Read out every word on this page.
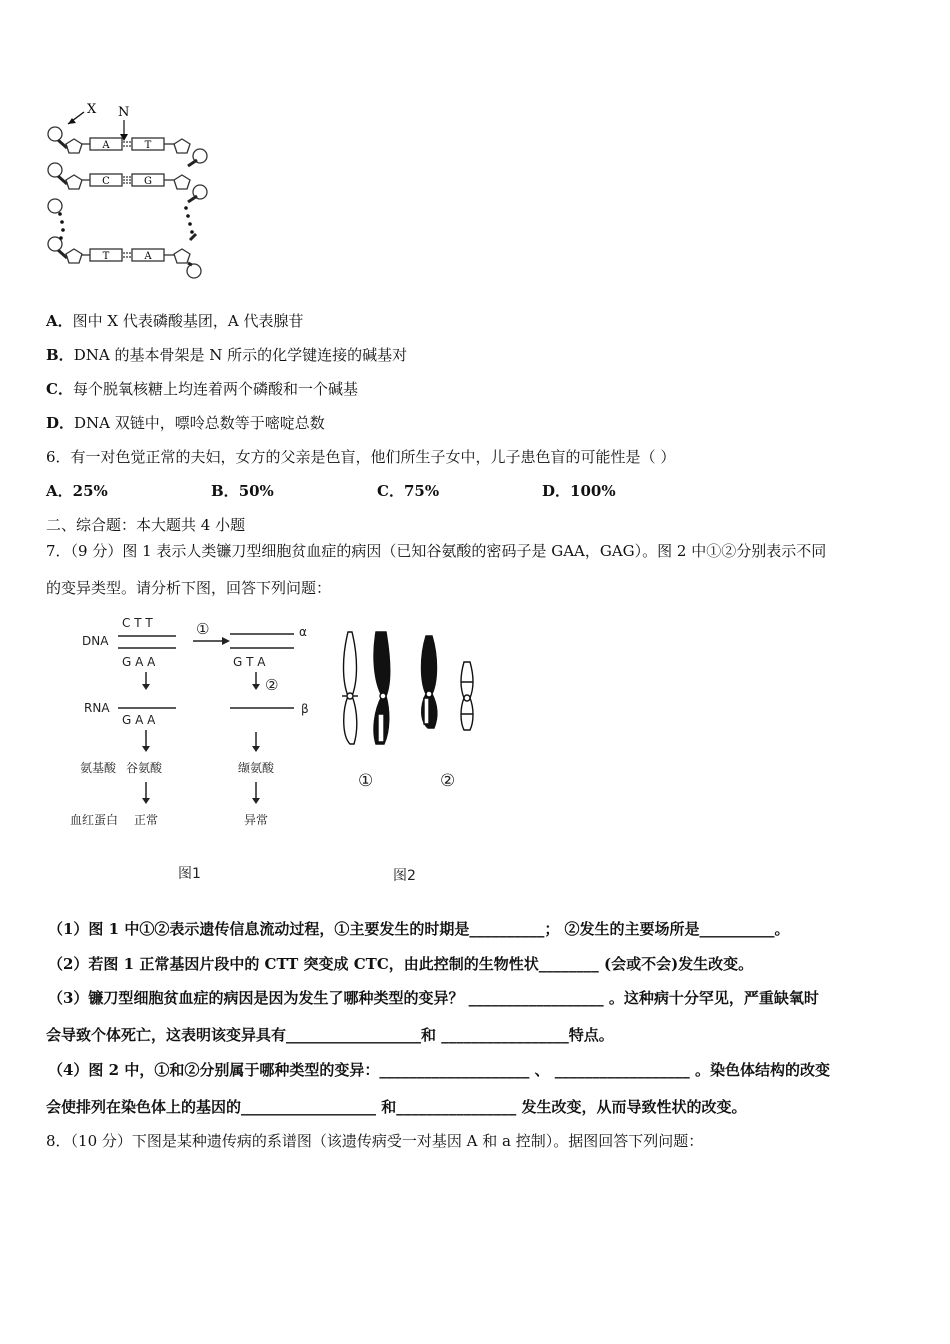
X N
A	T
C	G
T	A
A．图中 X 代表磷酸基团，A 代表腺苷
B．DNA 的基本骨架是 N 所示的化学键连接的碱基对
C．每个脱氧核糖上均连着两个磷酸和一个碱基
D．DNA 双链中，嘌呤总数等于嘧啶总数
6．有一对色觉正常的夫妇，女方的父亲是色盲，他们所生子女中，儿子患色盲的可能性是（ ）
A．25%	B．50%	C．75%	D．100%
二、综合题：本大题共 4 小题
7．（9 分）图 1 表示人类镰刀型细胞贫血症的病因（已知谷氨酸的密码子是 GAA，GAG）。图 2 中①②分别表示不同
的变异类型。请分析下图，回答下列问题：
DNA
C T T
G A A
①	α
G T A
②
RNA
G A A
β
氨基酸 谷氨酸	缬氨酸
血红蛋白 正常	异常
图1
①	②
图2
（1）图 1 中①②表示遗传信息流动过程，①主要发生的时期是__________； ②发生的主要场所是__________。
（2）若图 1 正常基因片段中的 CTT 突变成 CTC，由此控制的生物性状________ (会或不会)发生改变。
（3）镰刀型细胞贫血症的病因是因为发生了哪种类型的变异？ __________________ 。这种病十分罕见，严重缺氧时
会导致个体死亡，这表明该变异具有__________________和 _________________特点。
（4）图 2 中，①和②分别属于哪种类型的变异：____________________ 、 __________________ 。染色体结构的改变
会使排列在染色体上的基因的__________________ 和________________ 发生改变，从而导致性状的改变。
8．（10 分）下图是某种遗传病的系谱图（该遗传病受一对基因 A 和 a 控制）。据图回答下列问题：
